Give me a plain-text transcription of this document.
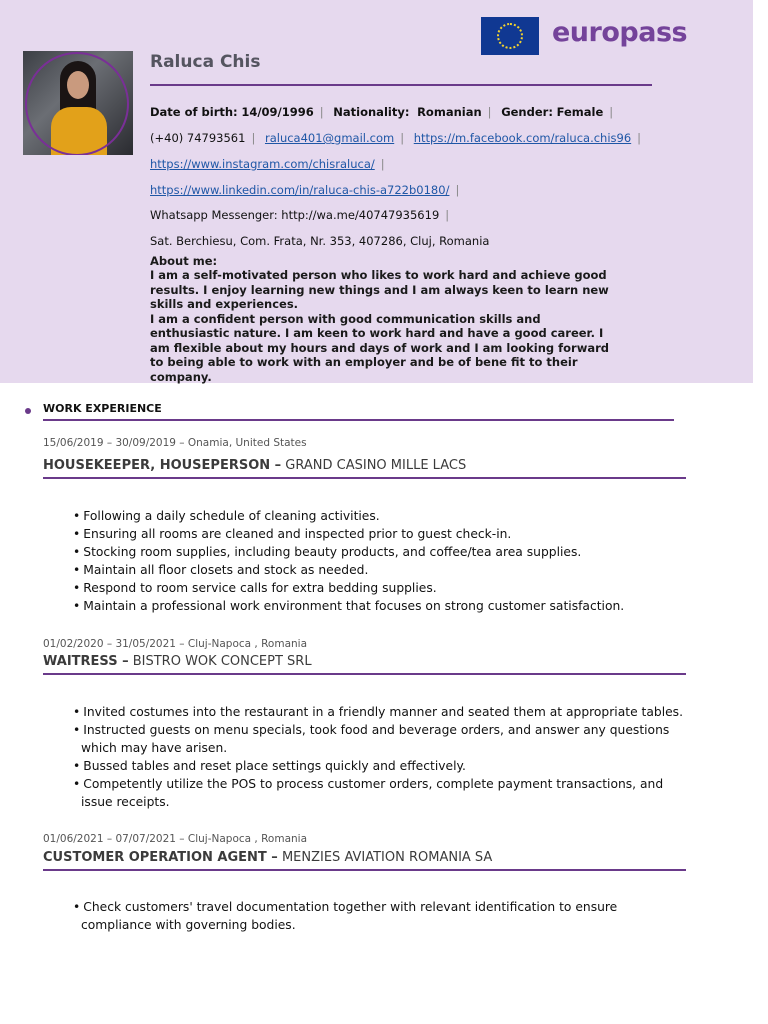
europass
Raluca Chis
Date of birth: 14/09/1996 | Nationality: Romanian | Gender: Female |
(+40) 74793561 | raluca401@gmail.com | https://m.facebook.com/raluca.chis96 |
https://www.instagram.com/chisraluca/ |
https://www.linkedin.com/in/raluca-chis-a722b0180/ |
Whatsapp Messenger: http://wa.me/40747935619 |
Sat. Berchiesu, Com. Frata, Nr. 353, 407286, Cluj, Romania
About me:

I am a self-motivated person who likes to work hard and achieve good results. I enjoy learning new things and I am always keen to learn new skills and experiences.

I am a confident person with good communication skills and enthusiastic nature. I am keen to work hard and have a good career. I am flexible about my hours and days of work and I am looking forward to being able to work with an employer and be of bene fit to their company.

WORK EXPERIENCE
15/06/2019 – 30/09/2019 – Onamia, United States
HOUSEKEEPER, HOUSEPERSON – GRAND CASINO MILLE LACS
• Following a daily schedule of cleaning activities.
• Ensuring all rooms are cleaned and inspected prior to guest check-in.
• Stocking room supplies, including beauty products, and coffee/tea area supplies.
• Maintain all floor closets and stock as needed.
• Respond to room service calls for extra bedding supplies.
• Maintain a professional work environment that focuses on strong customer satisfaction.
01/02/2020 – 31/05/2021 – Cluj-Napoca , Romania
WAITRESS – BISTRO WOK CONCEPT SRL
• Invited costumes into the restaurant in a friendly manner and seated them at appropriate tables.
• Instructed guests on menu specials, took food and beverage orders, and answer any questions which may have arisen.
• Bussed tables and reset place settings quickly and effectively.
• Competently utilize the POS to process customer orders, complete payment transactions, and issue receipts.
01/06/2021 – 07/07/2021 – Cluj-Napoca , Romania
CUSTOMER OPERATION AGENT – MENZIES AVIATION ROMANIA SA
• Check customers' travel documentation together with relevant identification to ensure compliance with governing bodies.
